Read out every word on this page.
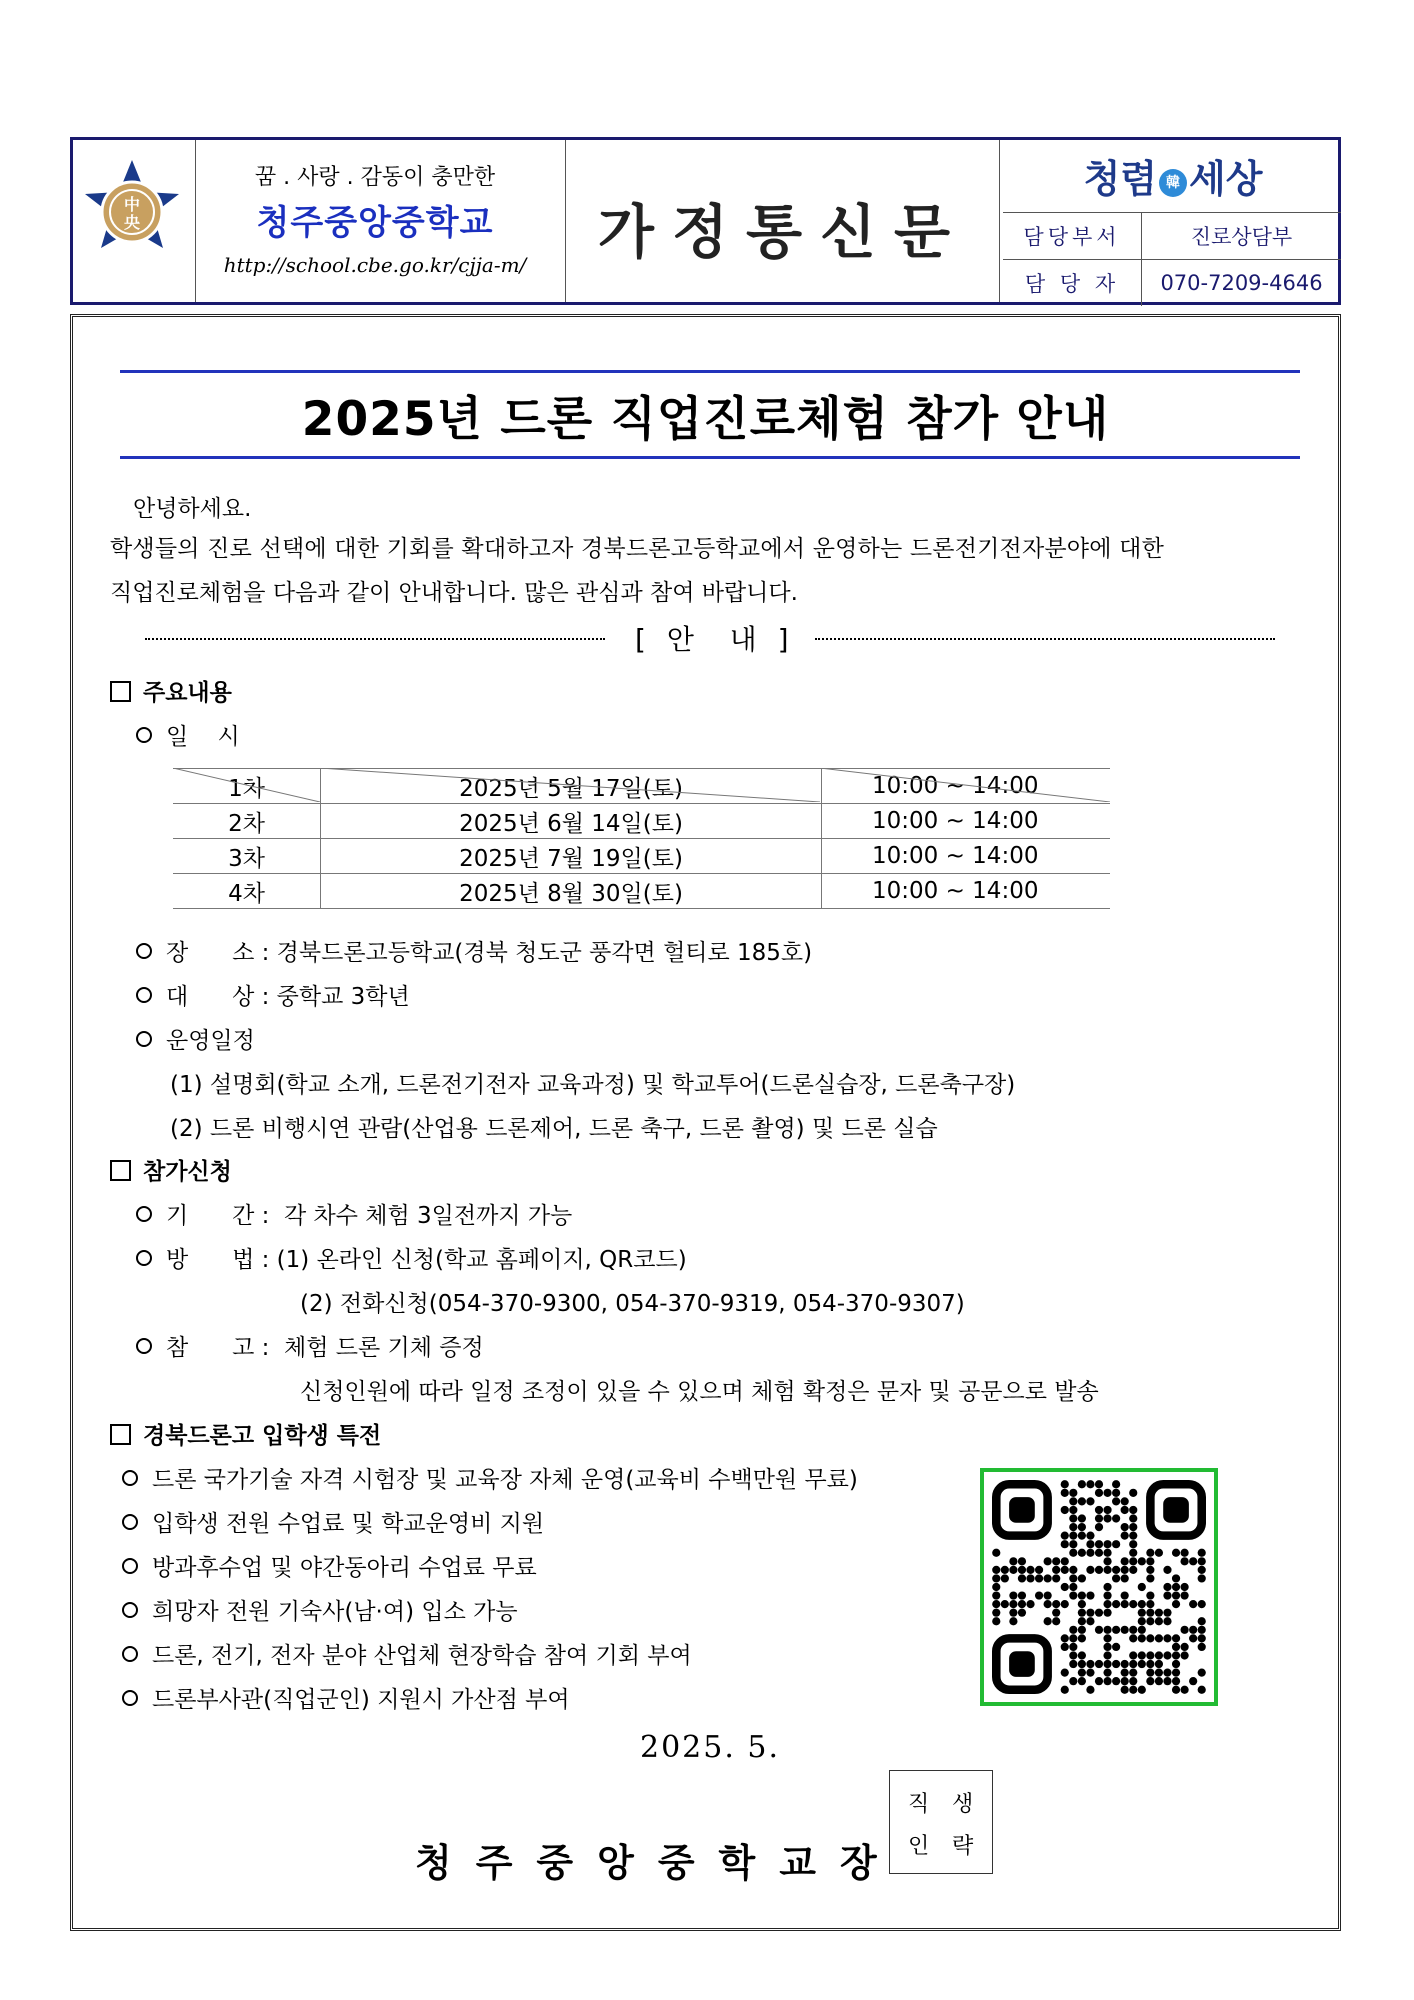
中
央
꿈 . 사랑 . 감동이 충만한
청주중앙중학교
http://school.cbe.go.kr/cjja-m/	가정통신문
청렴 韓 세상
담당부서	진로상담부
담 당 자	070-7209-4646
2025년 드론 직업진로체험 참가 안내
안녕하세요.
학생들의 진로 선택에 대한 기회를 확대하고자 경북드론고등학교에서 운영하는 드론전기전자분야에 대한
직업진로체험을 다음과 같이 안내합니다. 많은 관심과 참여 바랍니다.
[ 안  내 ]
주요내용
일    시
1차	2025년 5월 17일(토)	10:00 ~ 14:00
2차	2025년 6월 14일(토)	10:00 ~ 14:00
3차	2025년 7월 19일(토)	10:00 ~ 14:00
4차	2025년 8월 30일(토)	10:00 ~ 14:00
장      소 : 경북드론고등학교(경북 청도군 풍각면 헐티로 185호)
대      상 : 중학교 3학년
운영일정
(1) 설명회(학교 소개, 드론전기전자 교육과정) 및 학교투어(드론실습장, 드론축구장)
(2) 드론 비행시연 관람(산업용 드론제어, 드론 축구, 드론 촬영) 및 드론 실습
참가신청
기      간 :  각 차수 체험 3일전까지 가능
방      법 : (1) 온라인 신청(학교 홈페이지, QR코드)
(2) 전화신청(054-370-9300, 054-370-9319, 054-370-9307)
참      고 :  체험 드론 기체 증정
신청인원에 따라 일정 조정이 있을 수 있으며 체험 확정은 문자 및 공문으로 발송
경북드론고 입학생 특전
드론 국가기술 자격 시험장 및 교육장 자체 운영(교육비 수백만원 무료)
입학생 전원 수업료 및 학교운영비 지원
방과후수업 및 야간동아리 수업료 무료
희망자 전원 기숙사(남·여) 입소 가능
드론, 전기, 전자 분야 산업체 현장학습 참여 기회 부여
드론부사관(직업군인) 지원시 가산점 부여
2025. 5.
청주중앙중학교장
직 생
인 략
